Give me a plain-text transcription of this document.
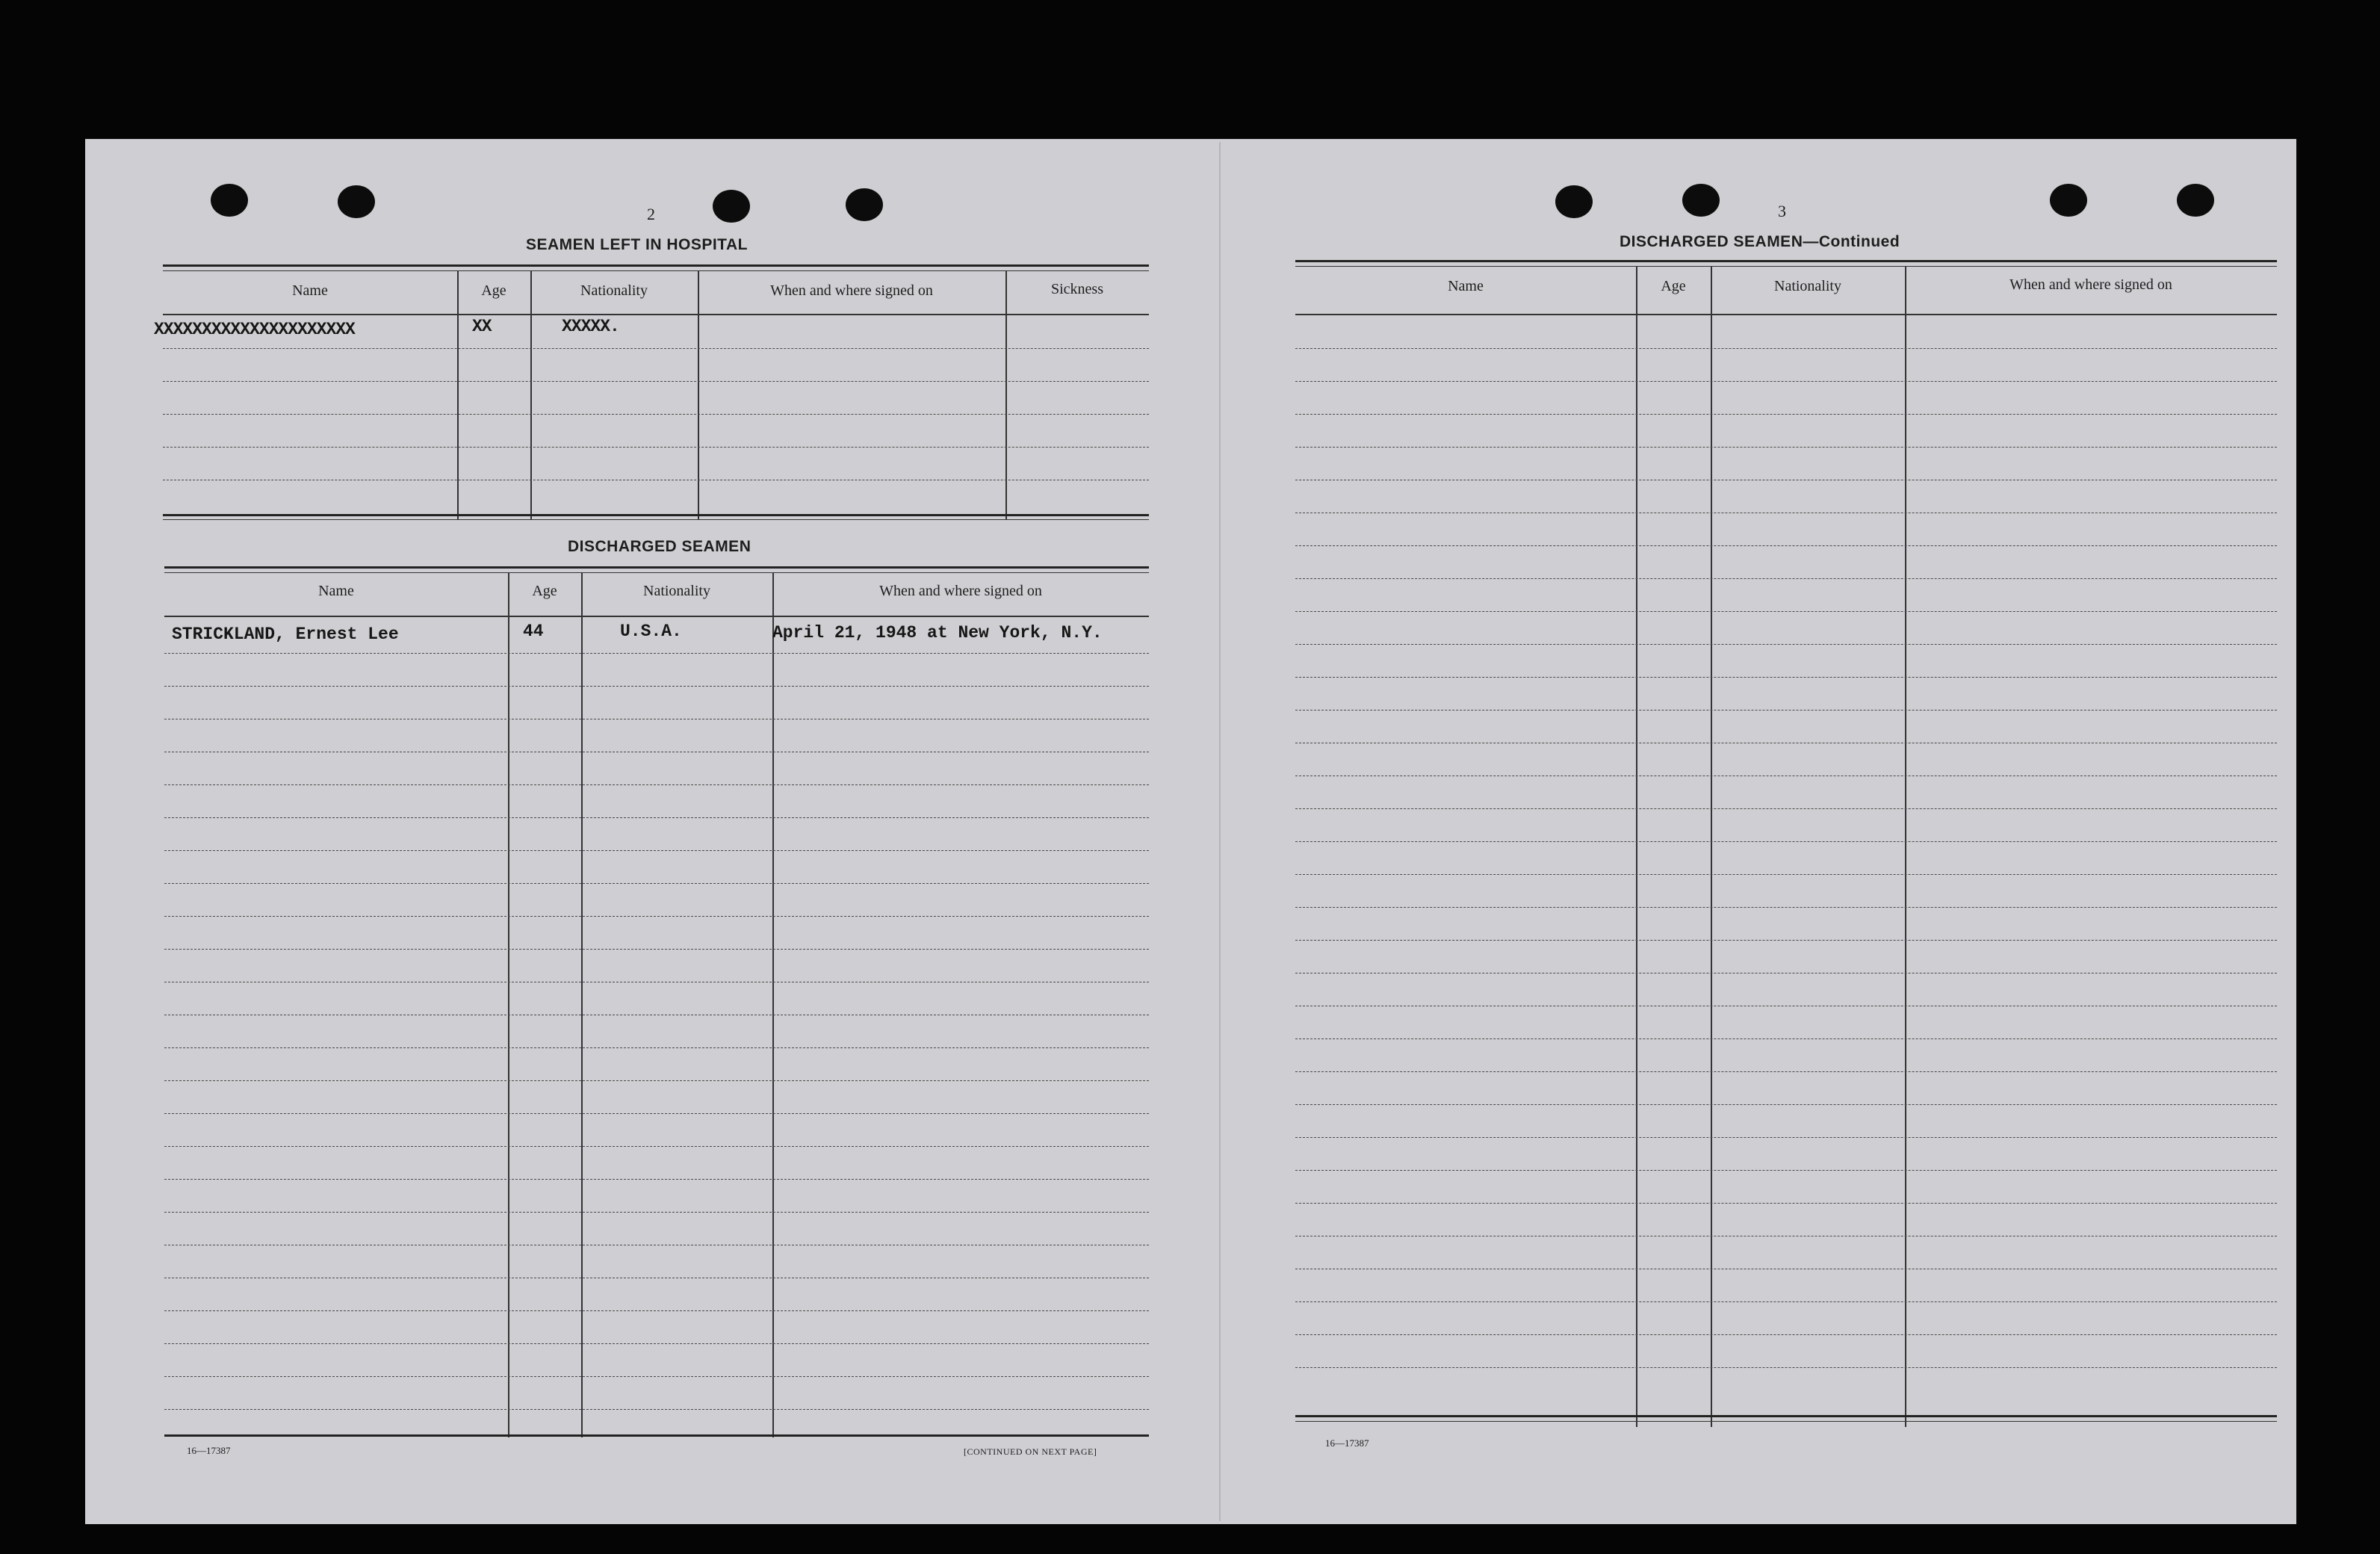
2
SEAMEN LEFT IN HOSPITAL
Name	Age	Nationality	When and where signed on	Sickness
XXXXXXXXXXXXXXXXXXXXX	XX	XXXXX.
DISCHARGED SEAMEN
Name	Age	Nationality	When and where signed on
STRICKLAND, Ernest Lee	44	U.S.A.	April 21, 1948 at New York, N.Y.
16—17387	[CONTINUED ON NEXT PAGE]
3
DISCHARGED SEAMEN—Continued
Name	Age	Nationality	When and where signed on
16—17387
